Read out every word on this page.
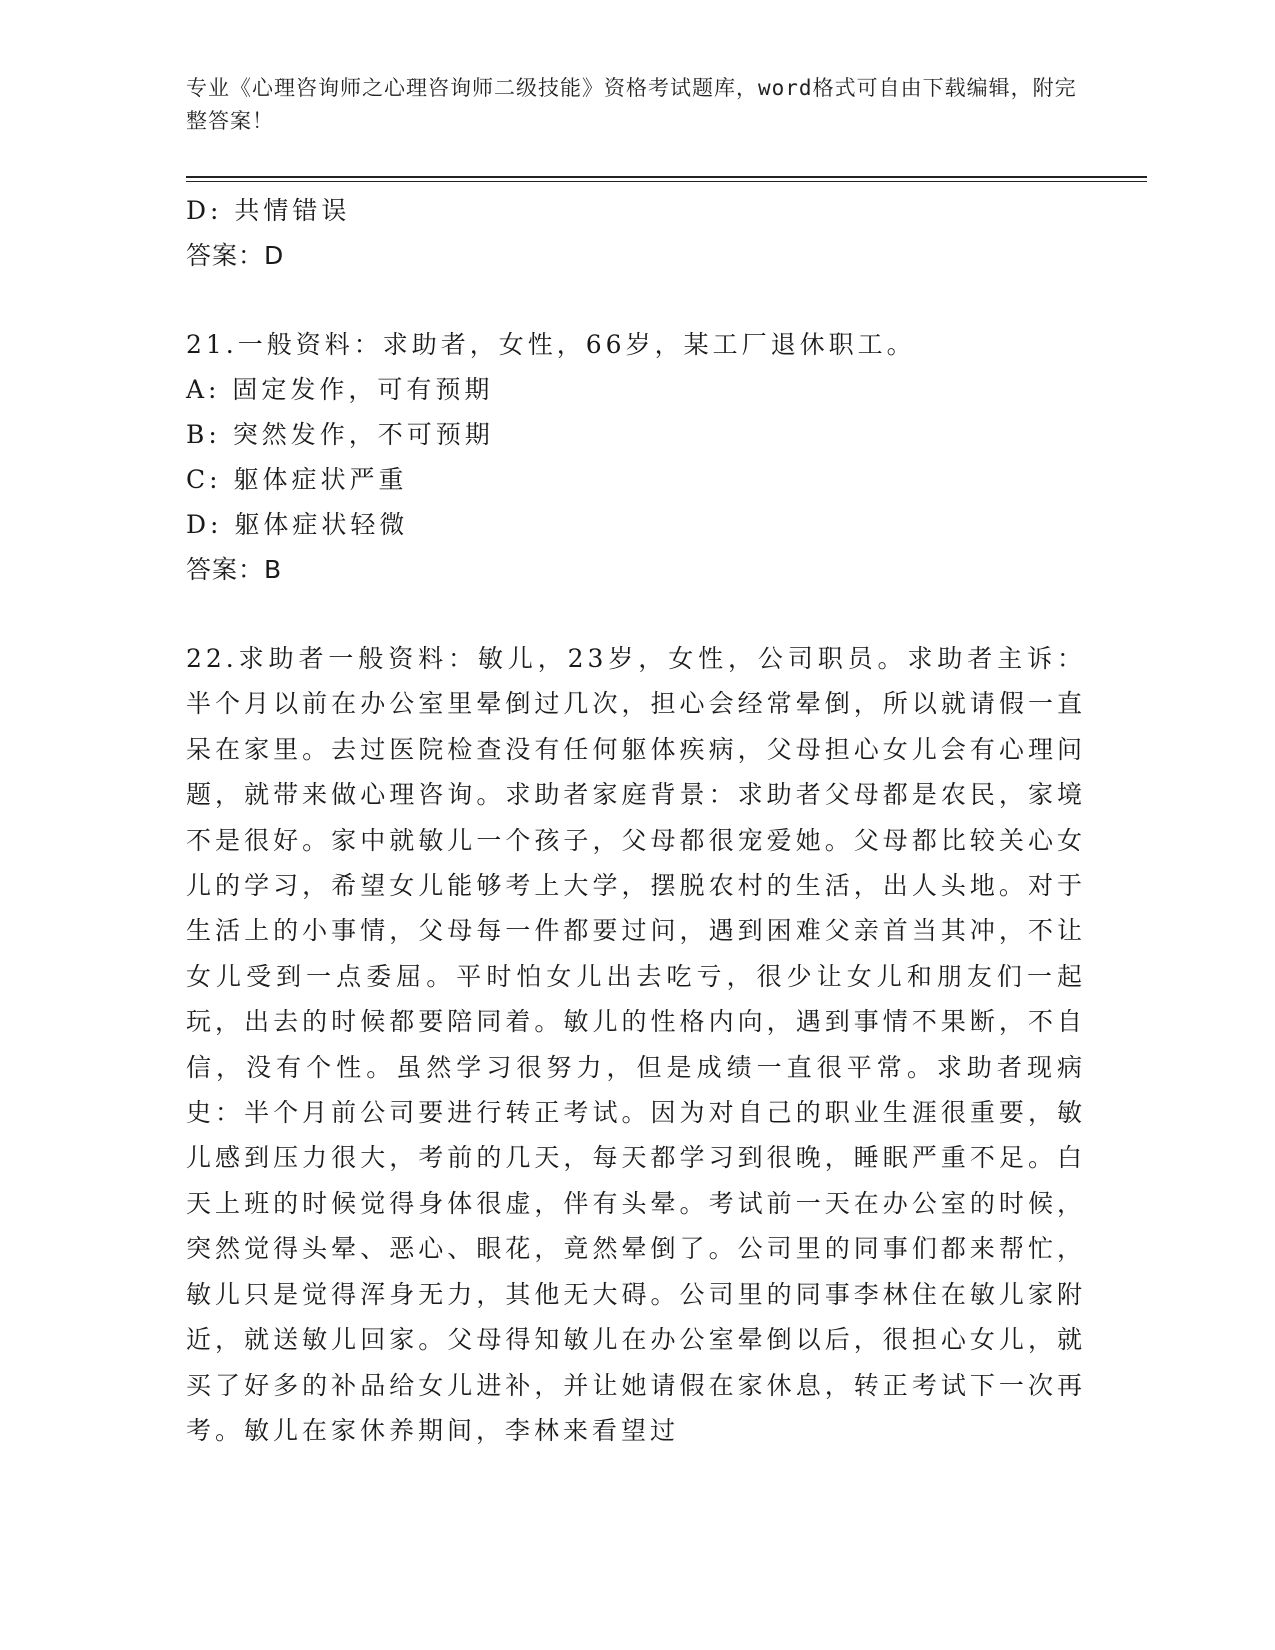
专业《心理咨询师之心理咨询师二级技能》资格考试题库，word格式可自由下载编辑，附完整答案！
D: 共情错误
答案：D
21.一般资料：求助者，女性，66岁，某工厂退休职工。
A: 固定发作，可有预期
B: 突然发作，不可预期
C: 躯体症状严重
D: 躯体症状轻微
答案：B
22.求助者一般资料：敏儿，23岁，女性，公司职员。求助者主诉：半个月以前在办公室里晕倒过几次，担心会经常晕倒，所以就请假一直呆在家里。去过医院检查没有任何躯体疾病，父母担心女儿会有心理问题，就带来做心理咨询。求助者家庭背景：求助者父母都是农民，家境不是很好。家中就敏儿一个孩子，父母都很宠爱她。父母都比较关心女儿的学习，希望女儿能够考上大学，摆脱农村的生活，出人头地。对于生活上的小事情，父母每一件都要过问，遇到困难父亲首当其冲，不让女儿受到一点委屈。平时怕女儿出去吃亏，很少让女儿和朋友们一起玩，出去的时候都要陪同着。敏儿的性格内向，遇到事情不果断，不自信，没有个性。虽然学习很努力，但是成绩一直很平常。求助者现病史：半个月前公司要进行转正考试。因为对自己的职业生涯很重要，敏儿感到压力很大，考前的几天，每天都学习到很晚，睡眠严重不足。白天上班的时候觉得身体很虚，伴有头晕。考试前一天在办公室的时候，突然觉得头晕、恶心、眼花，竟然晕倒了。公司里的同事们都来帮忙，敏儿只是觉得浑身无力，其他无大碍。公司里的同事李林住在敏儿家附近，就送敏儿回家。父母得知敏儿在办公室晕倒以后，很担心女儿，就买了好多的补品给女儿进补，并让她请假在家休息，转正考试下一次再考。敏儿在家休养期间，李林来看望过
